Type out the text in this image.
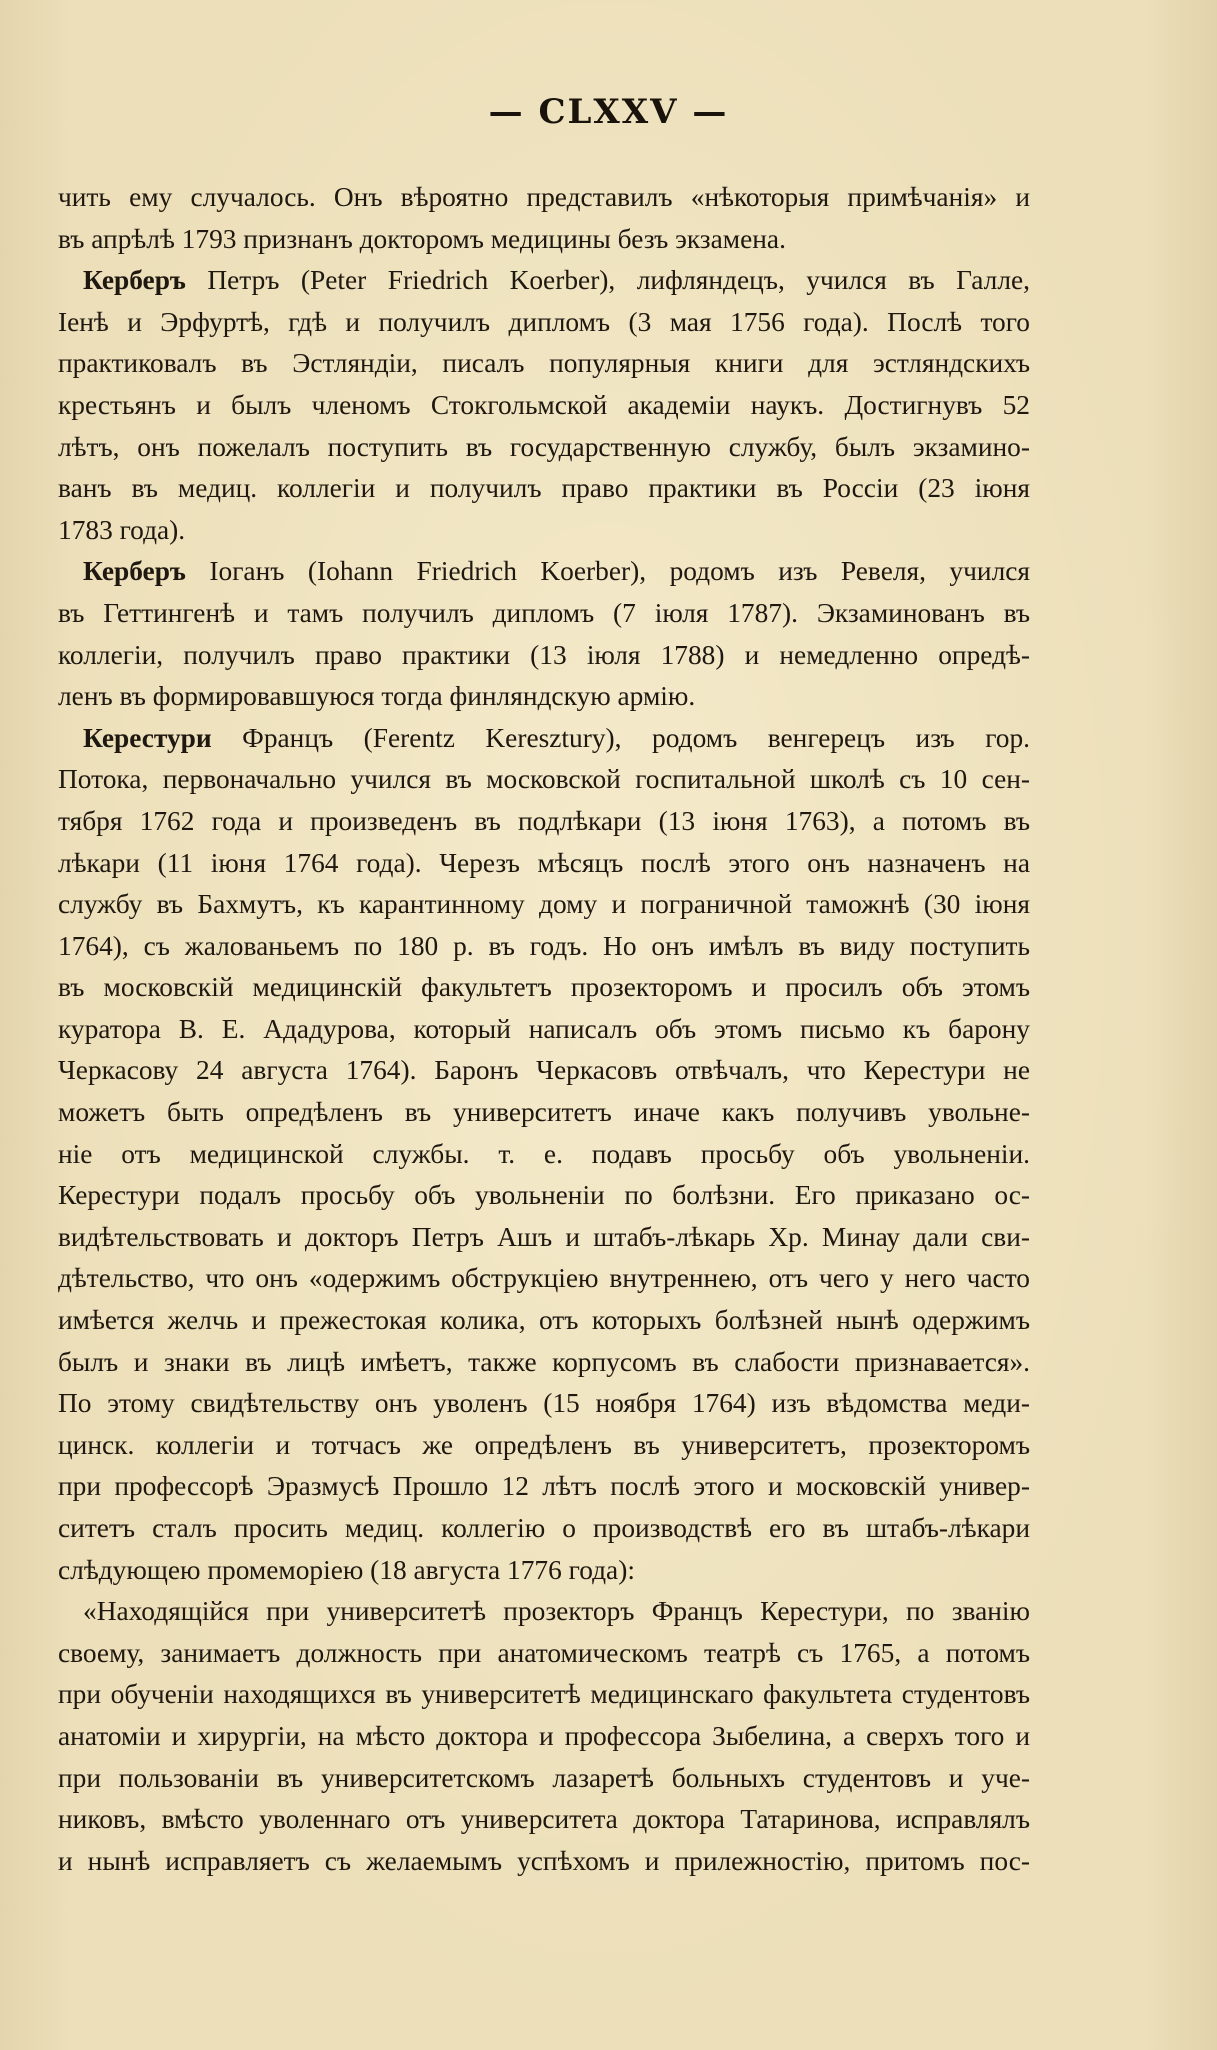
— CLXXV —
чить ему случалось. Онъ вѣроятно представилъ «нѣкоторыя примѣчанія» и
въ апрѣлѣ 1793 признанъ докторомъ медицины безъ экзамена.
Керберъ Петръ (Peter Friedrich Koerber), лифляндецъ, учился въ Галле,
Іенѣ и Эрфуртѣ, гдѣ и получилъ дипломъ (3 мая 1756 года). Послѣ того
практиковалъ въ Эстляндіи, писалъ популярныя книги для эстляндскихъ
крестьянъ и былъ членомъ Стокгольмской академіи наукъ. Достигнувъ 52
лѣтъ, онъ пожелалъ поступить въ государственную службу, былъ экзамино-
ванъ въ медиц. коллегіи и получилъ право практики въ Россіи (23 іюня
1783 года).
Керберъ Іоганъ (Iohann Friedrich Koerber), родомъ изъ Ревеля, учился
въ Геттингенѣ и тамъ получилъ дипломъ (7 іюля 1787). Экзаминованъ въ
коллегіи, получилъ право практики (13 іюля 1788) и немедленно опредѣ-
ленъ въ формировавшуюся тогда финляндскую армію.
Керестури Францъ (Ferentz Keresztury), родомъ венгерецъ изъ гор.
Потока, первоначально учился въ московской госпитальной школѣ съ 10 сен-
тября 1762 года и произведенъ въ подлѣкари (13 іюня 1763), а потомъ въ
лѣкари (11 іюня 1764 года). Черезъ мѣсяцъ послѣ этого онъ назначенъ на
службу въ Бахмутъ, къ карантинному дому и пограничной таможнѣ (30 іюня
1764), съ жалованьемъ по 180 р. въ годъ. Но онъ имѣлъ въ виду поступить
въ московскій медицинскій факультетъ прозекторомъ и просилъ объ этомъ
куратора В. Е. Ададурова, который написалъ объ этомъ письмо къ барону
Черкасову 24 августа 1764). Баронъ Черкасовъ отвѣчалъ, что Керестури не
можетъ быть опредѣленъ въ университетъ иначе какъ получивъ увольне-
ніе отъ медицинской службы. т. е. подавъ просьбу объ увольненіи.
Керестури подалъ просьбу объ увольненіи по болѣзни. Его приказано ос-
видѣтельствовать и докторъ Петръ Ашъ и штабъ-лѣкарь Хр. Минау дали сви-
дѣтельство, что онъ «одержимъ обструкціею внутреннею, отъ чего у него часто
имѣется желчь и прежестокая колика, отъ которыхъ болѣзней нынѣ одержимъ
былъ и знаки въ лицѣ имѣетъ, также корпусомъ въ слабости признавается».
По этому свидѣтельству онъ уволенъ (15 ноября 1764) изъ вѣдомства меди-
цинск. коллегіи и тотчасъ же опредѣленъ въ университетъ, прозекторомъ
при профессорѣ Эразмусѣ Прошло 12 лѣтъ послѣ этого и московскій универ-
ситетъ сталъ просить медиц. коллегію о производствѣ его въ штабъ-лѣкари
слѣдующею промеморіею (18 августа 1776 года):
«Находящійся при университетѣ прозекторъ Францъ Керестури, по званію
своему, занимаетъ должность при анатомическомъ театрѣ съ 1765, а потомъ
при обученіи находящихся въ университетѣ медицинскаго факультета студентовъ
анатоміи и хирургіи, на мѣсто доктора и профессора Зыбелина, а сверхъ того и
при пользованіи въ университетскомъ лазаретѣ больныхъ студентовъ и уче-
никовъ, вмѣсто уволеннаго отъ университета доктора Татаринова, исправлялъ
и нынѣ исправляетъ съ желаемымъ успѣхомъ и прилежностію, притомъ пос-
